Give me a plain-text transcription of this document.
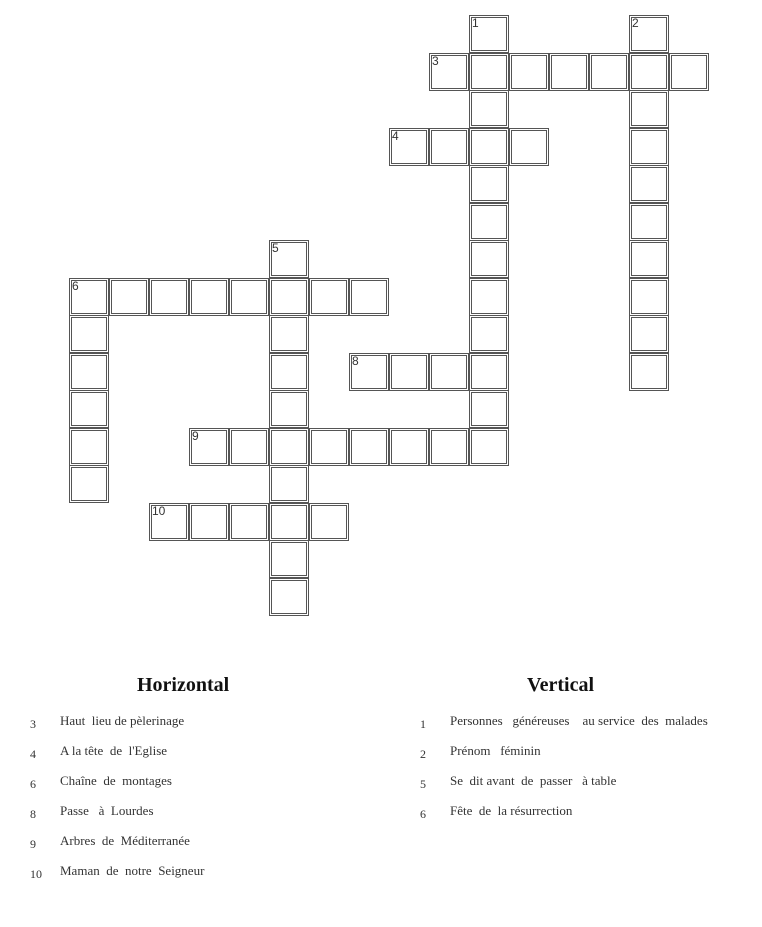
1	2
3
4
5
6
8
9
10
Horizontal	Vertical

3

Haut  lieu de pèlerinage

4

A la tête  de  l'Eglise

6

Chaîne  de  montages

8

Passe   à  Lourdes

9

Arbres  de  Méditerranée

10

Maman  de  notre  Seigneur

1

Personnes   généreuses    au service  des  malades

2

Prénom   féminin

5

Se  dit avant  de  passer   à table

6

Fête  de  la résurrection
